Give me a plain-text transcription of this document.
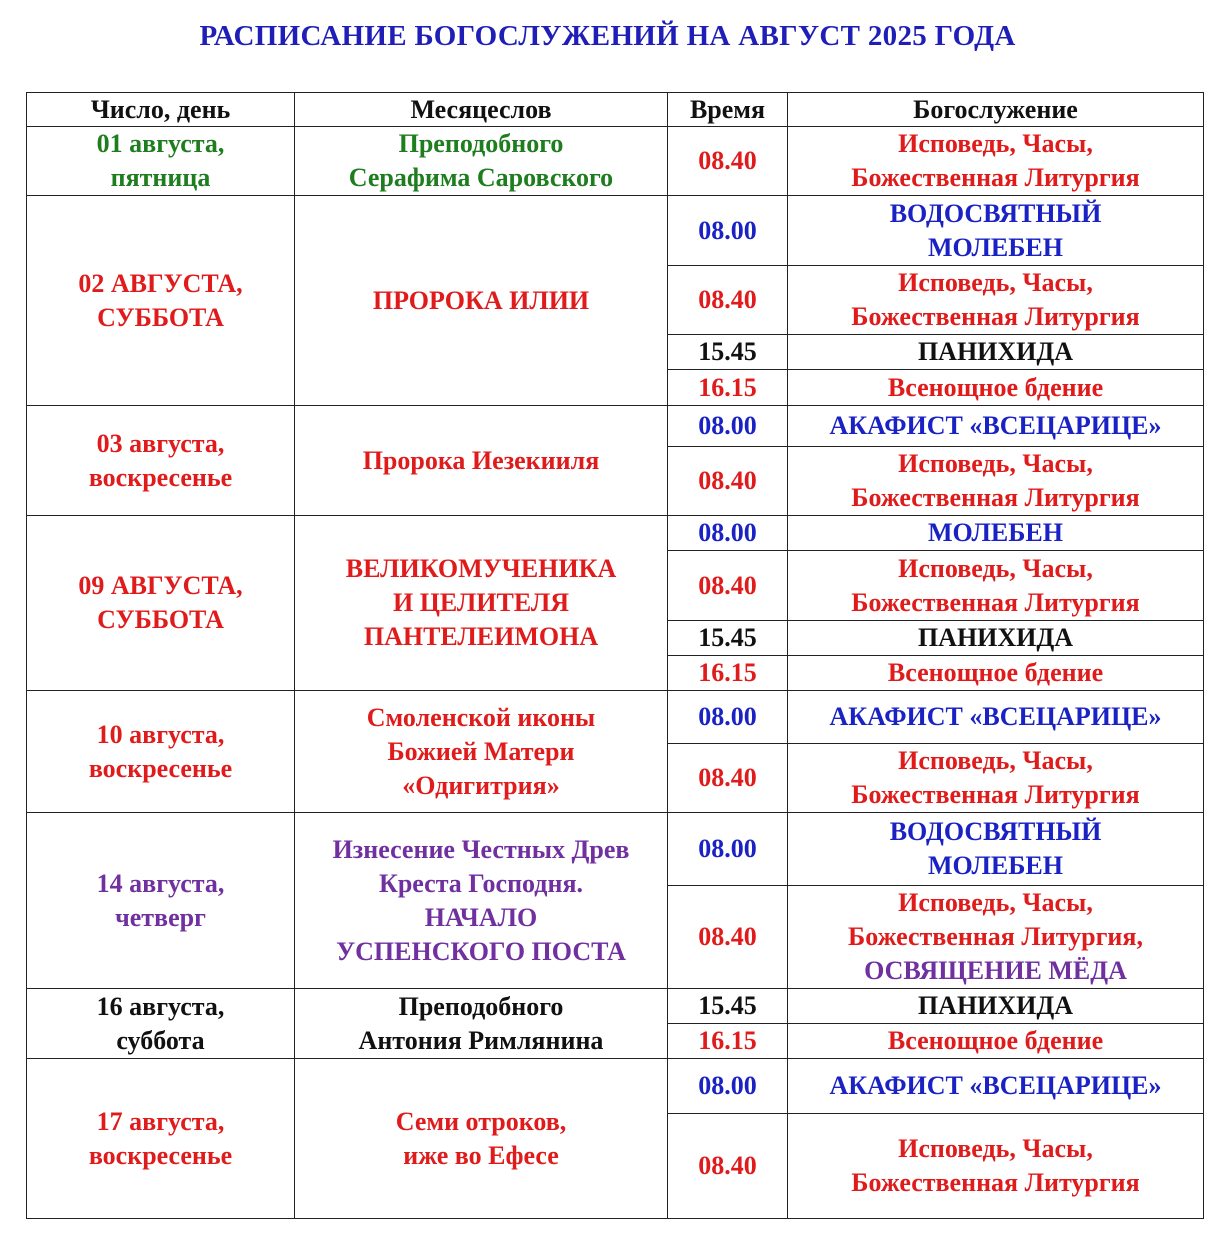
РАСПИСАНИЕ БОГОСЛУЖЕНИЙ НА АВГУСТ 2025 ГОДА
Число, день	Месяцеслов	Время	Богослужение
01 августа,
пятница	Преподобного
Серафима Саровского	08.40	Исповедь, Часы,
Божественная Литургия
02 АВГУСТА,
СУББОТА	ПРОРОКА ИЛИИ	08.00	ВОДОСВЯТНЫЙ
МОЛЕБЕН
		08.40	Исповедь, Часы,
Божественная Литургия
		15.45	ПАНИХИДА
		16.15	Всенощное бдение
03 августа,
воскресенье	Пророка Иезекииля	08.00	АКАФИСТ «ВСЕЦАРИЦЕ»
		08.40	Исповедь, Часы,
Божественная Литургия
09 АВГУСТА,
СУББОТА	ВЕЛИКОМУЧЕНИКА
И ЦЕЛИТЕЛЯ
ПАНТЕЛЕИМОНА	08.00	МОЛЕБЕН
		08.40	Исповедь, Часы,
Божественная Литургия
		15.45	ПАНИХИДА
		16.15	Всенощное бдение
10 августа,
воскресенье	Смоленской иконы
Божией Матери
«Одигитрия»	08.00	АКАФИСТ «ВСЕЦАРИЦЕ»
		08.40	Исповедь, Часы,
Божественная Литургия
14 августа,
четверг	Изнесение Честных Древ
Креста Господня.
НАЧАЛО
УСПЕНСКОГО ПОСТА	08.00	ВОДОСВЯТНЫЙ
МОЛЕБЕН
		08.40	Исповедь, Часы,
Божественная Литургия,
ОСВЯЩЕНИЕ МЁДА

16 августа,
суббота	Преподобного
Антония Римлянина	15.45	ПАНИХИДА
		16.15	Всенощное бдение
17 августа,
воскресенье	Семи отроков,
иже во Ефесе	08.00	АКАФИСТ «ВСЕЦАРИЦЕ»
		08.40	Исповедь, Часы,
Божественная Литургия
